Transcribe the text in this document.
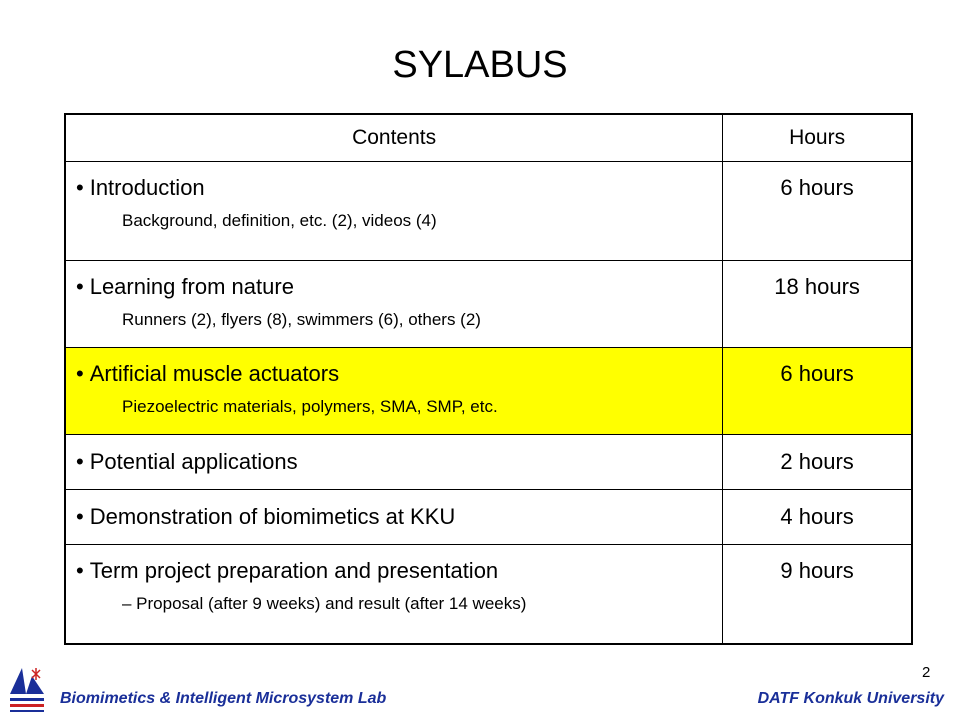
SYLABUS
Contents	Hours

• Introduction
Background, definition, etc. (2), videos (4)	6 hours

• Learning from nature
Runners (2), flyers (8), swimmers (6), others (2)	18 hours

• Artificial muscle actuators
Piezoelectric materials, polymers, SMA, SMP, etc.	6 hours

• Potential applications	2 hours

• Demonstration of biomimetics at KKU	4 hours

• Term project preparation and presentation
– Proposal (after 9 weeks) and result (after 14 weeks)	9 hours
2
Biomimetics & Intelligent Microsystem Lab	DATF Konkuk University
